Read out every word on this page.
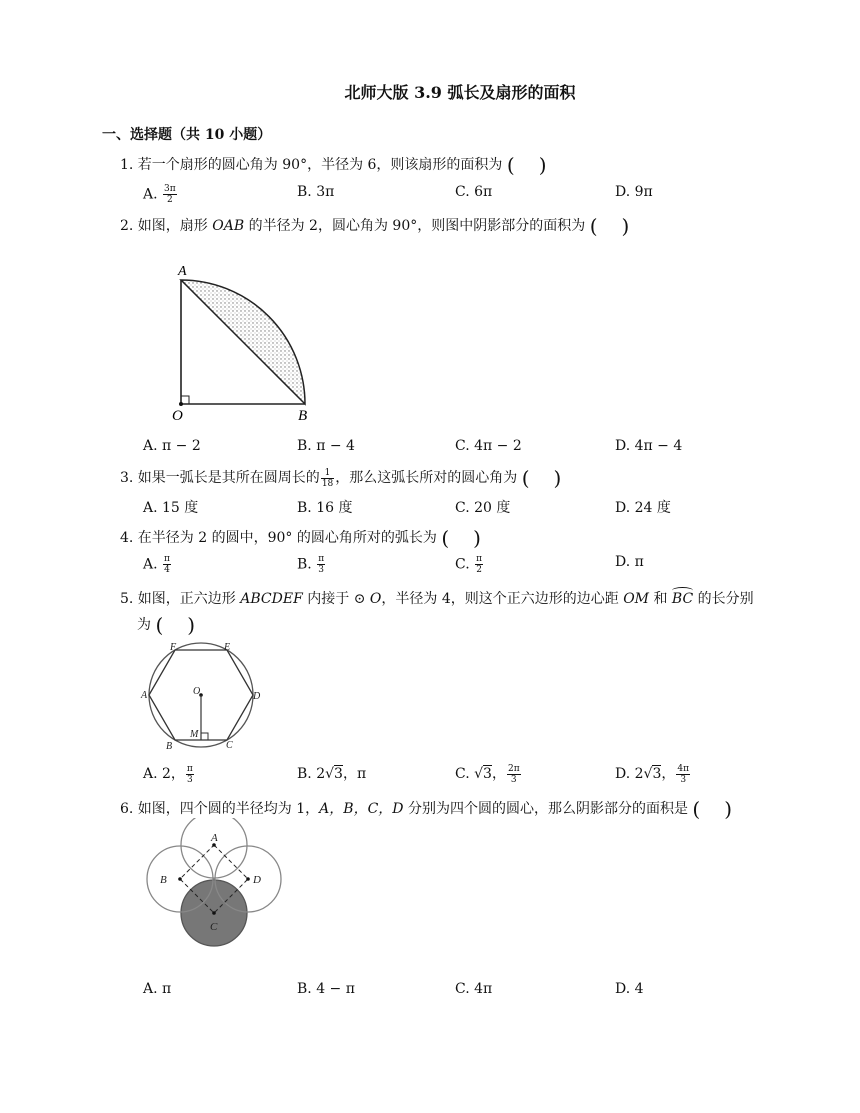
北师大版 3.9 弧长及扇形的面积
一、选择题（共 10 小题）
1. 若一个扇形的圆心角为 90°，半径为 6，则该扇形的面积为 ( )
A. $\frac{3\pi}{2}$	B. 3π	C. 6π	D. 9π
2. 如图，扇形 OAB 的半径为 2，圆心角为 90°，则图中阴影部分的面积为 ( )
A
O	B
A. π − 2	B. π − 4	C. 4π − 2	D. 4π − 4
3. 如果一弧长是其所在圆周长的 $\frac{1}{18}$ ，那么这弧长所对的圆心角为 ( )
A. 15 度	B. 16 度	C. 20 度	D. 24 度
4. 在半径为 2 的圆中，90° 的圆心角所对的弧长为 ( )
A. $\frac{\pi}{4}$	B. $\frac{\pi}{3}$	C. $\frac{\pi}{2}$	D. π
5. 如图，正六边形 ABCDEF 内接于 ⊙ O，半径为 4，则这个正六边形的边心距 OM 和
BC 的长分别
为 ( )
F	E
A	D
O
M
B	C
A. 2， $\frac{\pi}{3}$	B. 2√3，π	C. √3， $\frac{2\pi}{3}$	D. 2√3， $\frac{4\pi}{3}$
6. 如图，四个圆的半径均为 1，A，B，C，D 分别为四个圆的圆心，那么阴影部分的面积是 ( )
A
B
C
D
A. π	B. 4 − π	C. 4π	D. 4
